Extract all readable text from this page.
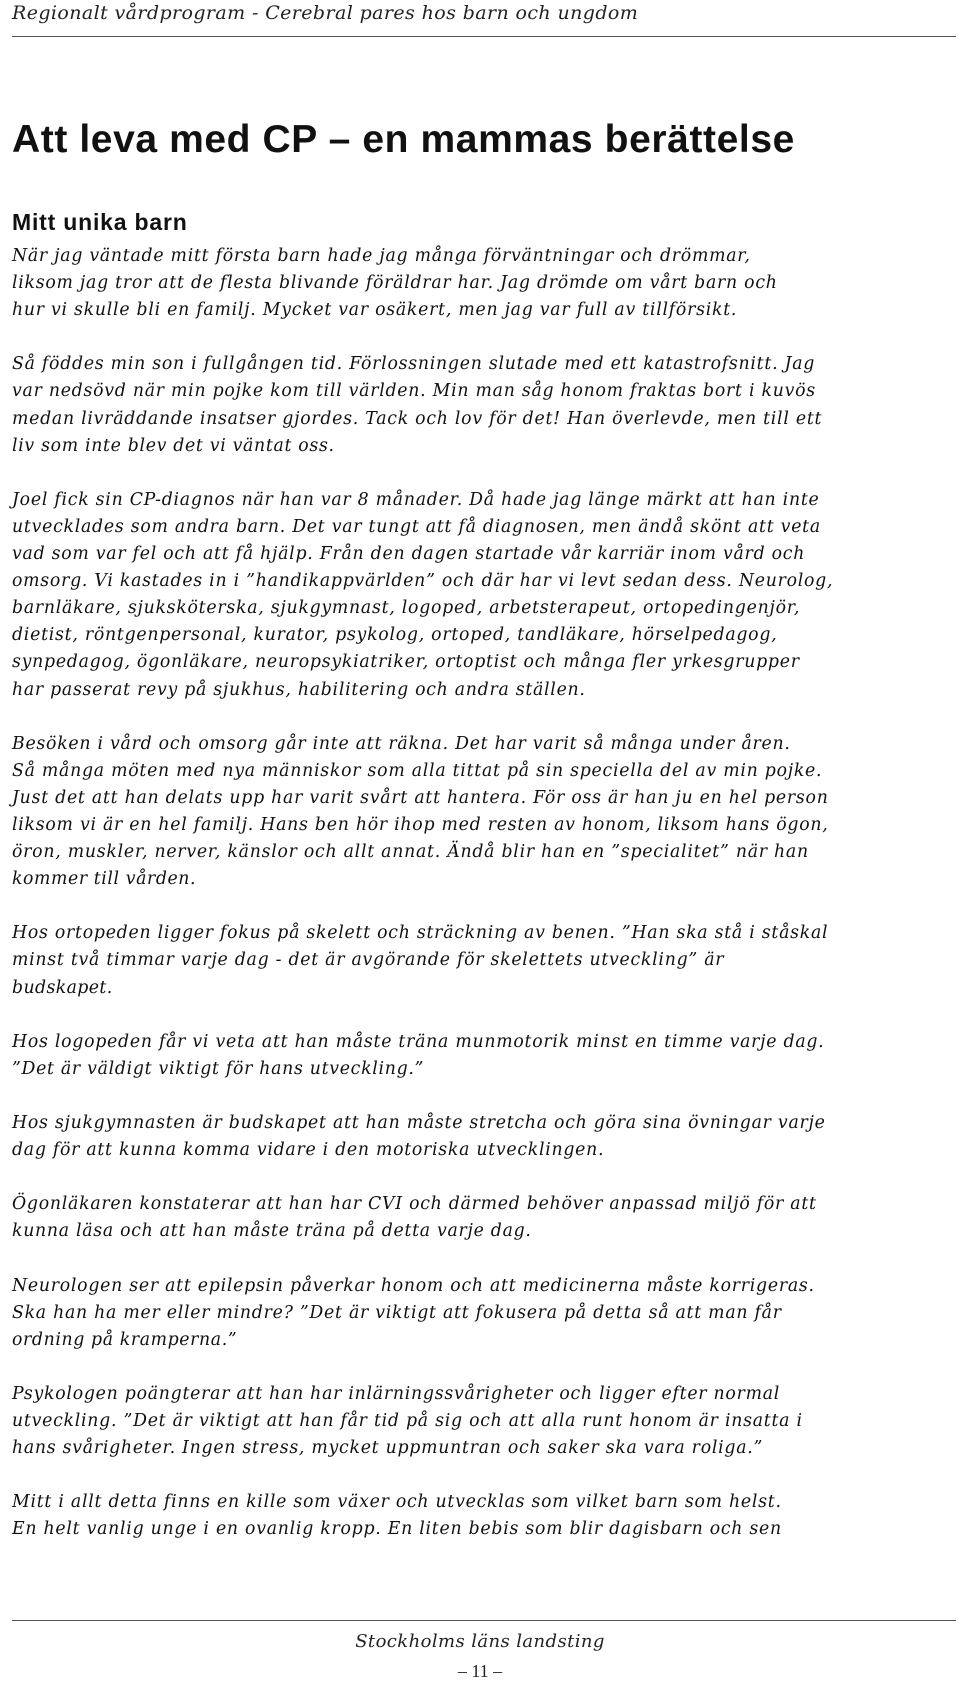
Regionalt vårdprogram - Cerebral pares hos barn och ungdom
Att leva med CP – en mammas berättelse
Mitt unika barn

När jag väntade mitt första barn hade jag många förväntningar och drömmar,
liksom jag tror att de flesta blivande föräldrar har. Jag drömde om vårt barn och
hur vi skulle bli en familj. Mycket var osäkert, men jag var full av tillförsikt.

Så föddes min son i fullgången tid. Förlossningen slutade med ett katastrofsnitt. Jag
var nedsövd när min pojke kom till världen. Min man såg honom fraktas bort i kuvös
medan livräddande insatser gjordes. Tack och lov för det! Han överlevde, men till ett
liv som inte blev det vi väntat oss.

Joel fick sin CP-diagnos när han var 8 månader. Då hade jag länge märkt att han inte
utvecklades som andra barn. Det var tungt att få diagnosen, men ändå skönt att veta
vad som var fel och att få hjälp. Från den dagen startade vår karriär inom vård och
omsorg. Vi kastades in i ”handikappvärlden” och där har vi levt sedan dess. Neurolog,
barnläkare, sjuksköterska, sjukgymnast, logoped, arbetsterapeut, ortopedingenjör,
dietist, röntgenpersonal, kurator, psykolog, ortoped, tandläkare, hörselpedagog,
synpedagog, ögonläkare, neuropsykiatriker, ortoptist och många fler yrkesgrupper
har passerat revy på sjukhus, habilitering och andra ställen.

Besöken i vård och omsorg går inte att räkna. Det har varit så många under åren.
Så många möten med nya människor som alla tittat på sin speciella del av min pojke.
Just det att han delats upp har varit svårt att hantera. För oss är han ju en hel person
liksom vi är en hel familj. Hans ben hör ihop med resten av honom, liksom hans ögon,
öron, muskler, nerver, känslor och allt annat. Ändå blir han en ”specialitet” när han
kommer till vården.

Hos ortopeden ligger fokus på skelett och sträckning av benen. ”Han ska stå i ståskal
minst två timmar varje dag - det är avgörande för skelettets utveckling” är
budskapet.

Hos logopeden får vi veta att han måste träna munmotorik minst en timme varje dag.
”Det är väldigt viktigt för hans utveckling.”

Hos sjukgymnasten är budskapet att han måste stretcha och göra sina övningar varje
dag för att kunna komma vidare i den motoriska utvecklingen.

Ögonläkaren konstaterar att han har CVI och därmed behöver anpassad miljö för att
kunna läsa och att han måste träna på detta varje dag.

Neurologen ser att epilepsin påverkar honom och att medicinerna måste korrigeras.
Ska han ha mer eller mindre? ”Det är viktigt att fokusera på detta så att man får
ordning på kramperna.”

Psykologen poängterar att han har inlärningssvårigheter och ligger efter normal
utveckling. ”Det är viktigt att han får tid på sig och att alla runt honom är insatta i
hans svårigheter. Ingen stress, mycket uppmuntran och saker ska vara roliga.”

Mitt i allt detta finns en kille som växer och utvecklas som vilket barn som helst.
En helt vanlig unge i en ovanlig kropp. En liten bebis som blir dagisbarn och sen

Stockholms läns landsting
– 11 –
